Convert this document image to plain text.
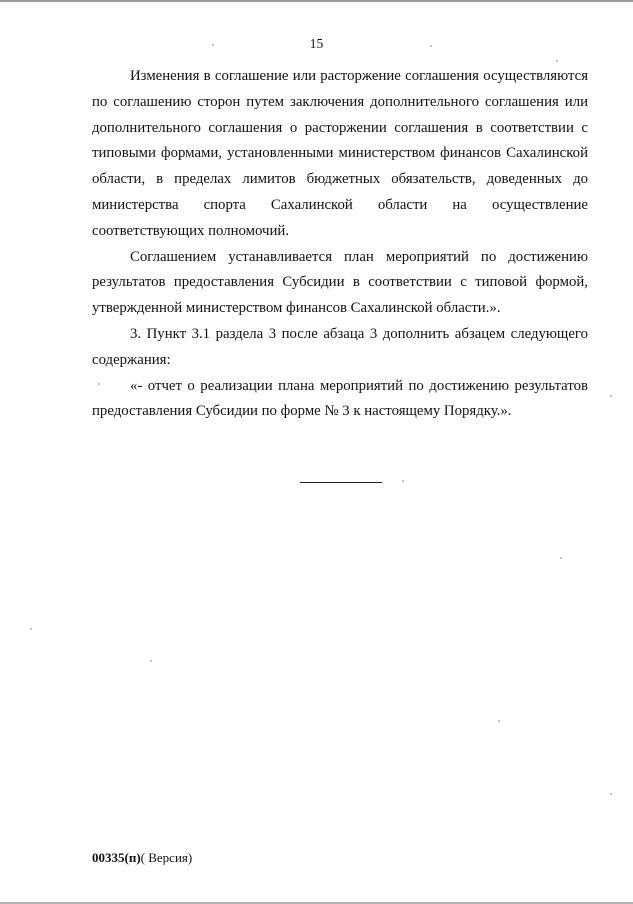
15

Изменения в соглашение или расторжение соглашения осуществляются по соглашению сторон путем заключения дополнительного соглашения или дополнительного соглашения о расторжении соглашения в соответствии с типовыми формами, установленными министерством финансов Сахалинской области, в пределах лимитов бюджетных обязательств, доведенных до министерства спорта Сахалинской области на осуществление соответствующих полномочий.

Соглашением устанавливается план мероприятий по достижению результатов предоставления Субсидии в соответствии с типовой формой, утвержденной министерством финансов Сахалинской области.».

3. Пункт 3.1 раздела 3 после абзаца 3 дополнить абзацем следующего содержания:

«- отчет о реализации плана мероприятий по достижению результатов предоставления Субсидии по форме № 3 к настоящему Порядку.».

00335(п)( Версия)
